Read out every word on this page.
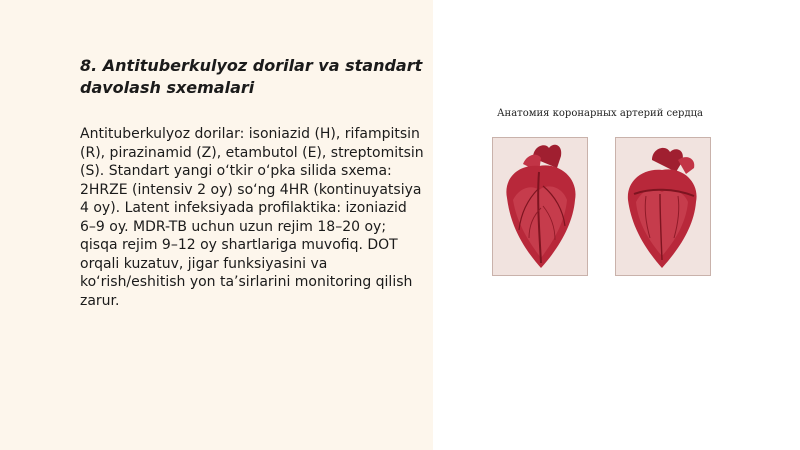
8. Antituberkulyoz dorilar va standart davolash sxemalari

Antituberkulyoz dorilar: isoniazid (H), rifampitsin (R), pirazinamid (Z), etambutol (E), streptomitsin (S). Standart yangi o‘tkir o‘pka silida sxema: 2HRZE (intensiv 2 oy) so‘ng 4HR (kontinuyatsiya 4 oy). Latent infeksiyada profilaktika: izoniazid 6–9 oy. MDR-TB uchun uzun rejim 18–20 oy; qisqa rejim 9–12 oy shartlariga muvofiq. DOT orqali kuzatuv, jigar funksiyasini va ko‘rish/eshitish yon ta’sirlarini monitoring qilish zarur.

Анатомия коронарных артерий сердца
